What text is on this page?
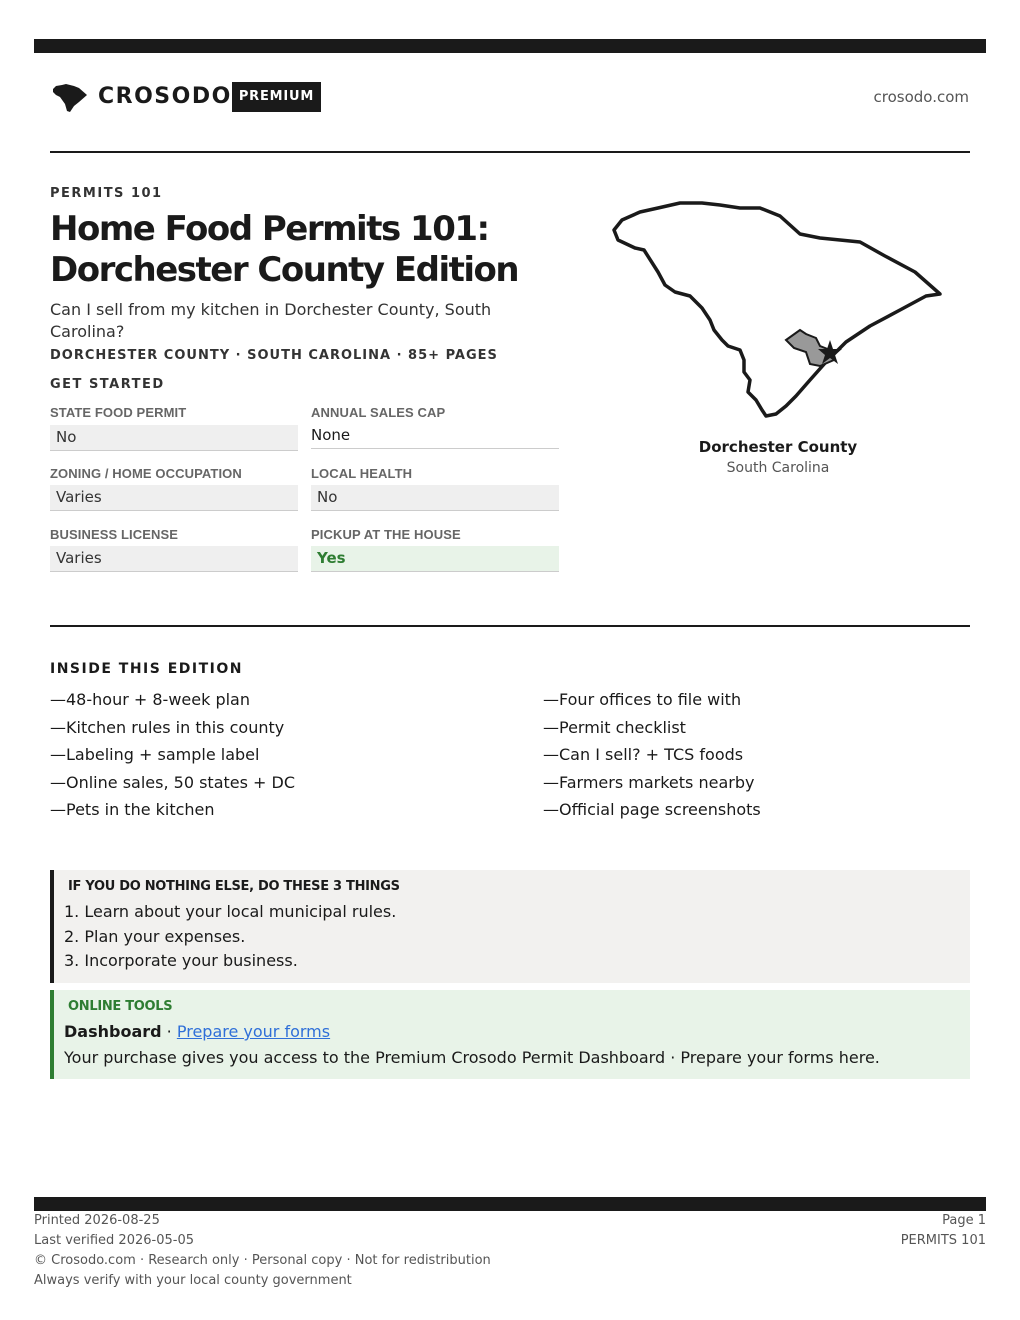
CROSODO PREMIUM	crosodo.com
PERMITS 101
Home Food Permits 101:
Dorchester County Edition

Can I sell from my kitchen in Dorchester County, South Carolina?

DORCHESTER COUNTY · SOUTH CAROLINA · 85+ PAGES
GET STARTED
STATE FOOD PERMIT
No
ANNUAL SALES CAP
None
ZONING / HOME OCCUPATION
Varies
LOCAL HEALTH
No
BUSINESS LICENSE
Varies
PICKUP AT THE HOUSE
Yes
Dorchester County
South Carolina
INSIDE THIS EDITION
—48-hour + 8-week plan
—Kitchen rules in this county
—Labeling + sample label
—Online sales, 50 states + DC
—Pets in the kitchen
—Four offices to file with
—Permit checklist
—Can I sell? + TCS foods
—Farmers markets nearby
—Official page screenshots
IF YOU DO NOTHING ELSE, DO THESE 3 THINGS
1. Learn about your local municipal rules.
2. Plan your expenses.
3. Incorporate your business.
ONLINE TOOLS
Dashboard · Prepare your forms
Your purchase gives you access to the Premium Crosodo Permit Dashboard · Prepare your forms here.
Printed 2026-08-25
Last verified 2026-05-05
© Crosodo.com · Research only · Personal copy · Not for redistribution
Always verify with your local county government
Page 1
PERMITS 101
